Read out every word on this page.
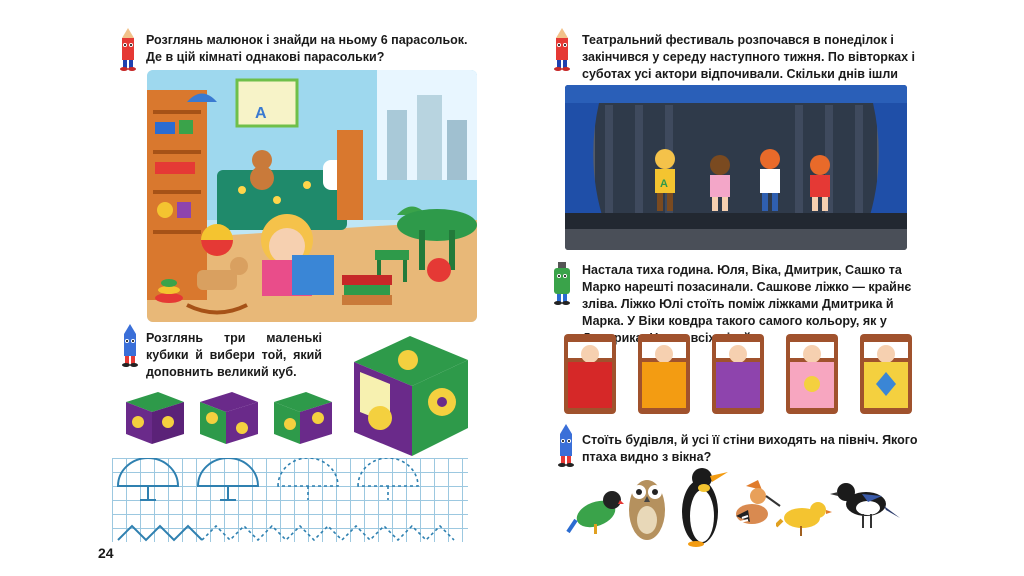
Розглянь малюнок і знайди на ньому 6 парасольок. Де в цій кімнаті однакові парасольки?
A
Розглянь три маленькі кубики й вибери той, який доповнить великий куб.
24
Театральний фестиваль розпочався в понеділок і закінчився у середу наступного тижня. По вівторках і суботах усі актори відпочивали. Скільки днів ішли
A
Настала тиха година. Юля, Віка, Дмитрик, Сашко та Марко нарешті позасинали. Сашкове ліжко — крайнє зліва. Ліжко Юлі стоїть поміж ліжками Дмитрика й Марка. У Віки ковдра такого самого кольору, як у всіх
Стоїть будівля, й усі її стіни виходять на північ. Якого птаха видно з вікна?
